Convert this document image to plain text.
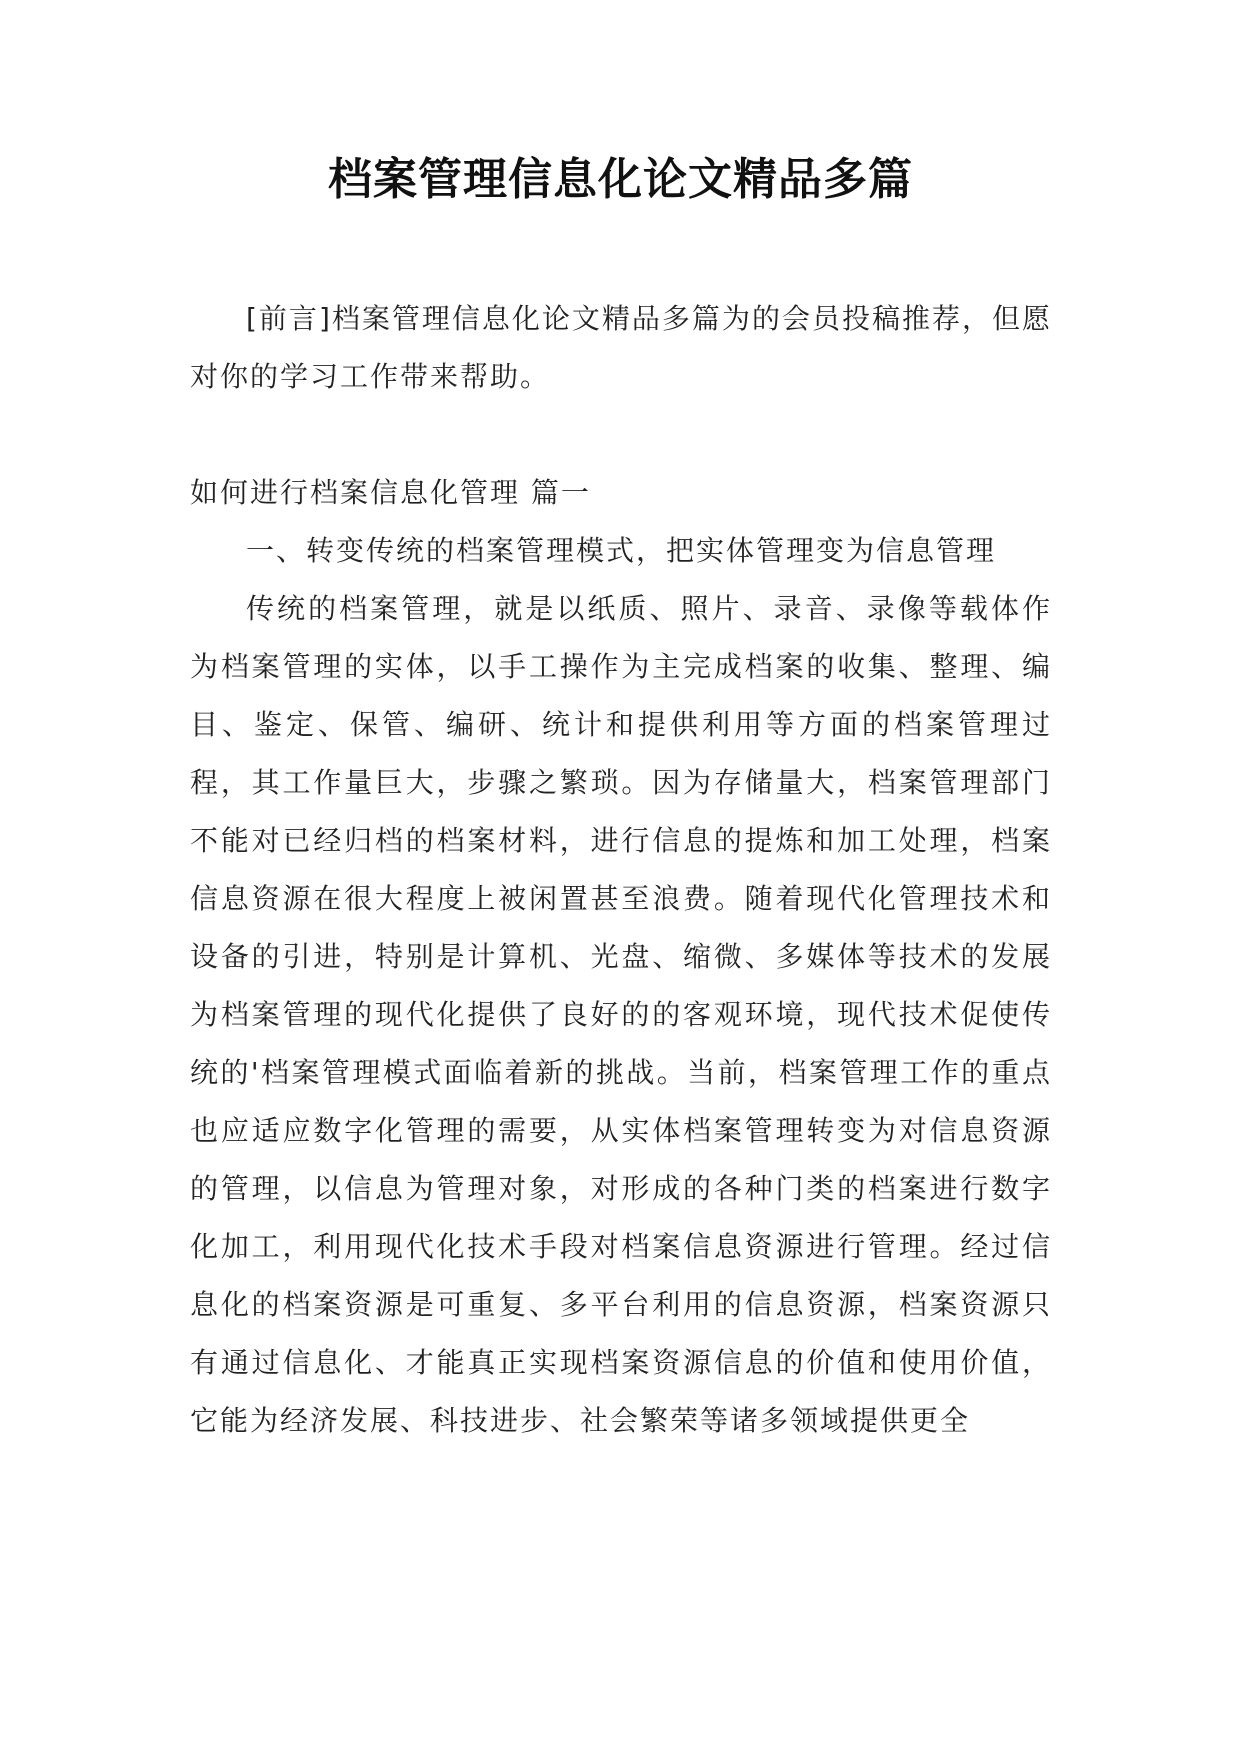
档案管理信息化论文精品多篇

[前言]档案管理信息化论文精品多篇为的会员投稿推荐，但愿对你的学习工作带来帮助。

如何进行档案信息化管理 篇一

一、转变传统的档案管理模式，把实体管理变为信息管理

传统的档案管理，就是以纸质、照片、录音、录像等载体作为档案管理的实体，以手工操作为主完成档案的收集、整理、编目、鉴定、保管、编研、统计和提供利用等方面的档案管理过程，其工作量巨大，步骤之繁琐。因为存储量大，档案管理部门不能对已经归档的档案材料，进行信息的提炼和加工处理，档案信息资源在很大程度上被闲置甚至浪费。随着现代化管理技术和设备的引进，特别是计算机、光盘、缩微、多媒体等技术的发展为档案管理的现代化提供了良好的的客观环境，现代技术促使传统的'档案管理模式面临着新的挑战。当前，档案管理工作的重点也应适应数字化管理的需要，从实体档案管理转变为对信息资源的管理，以信息为管理对象，对形成的各种门类的档案进行数字化加工，利用现代化技术手段对档案信息资源进行管理。经过信息化的档案资源是可重复、多平台利用的信息资源，档案资源只有通过信息化、才能真正实现档案资源信息的价值和使用价值，它能为经济发展、科技进步、社会繁荣等诸多领域提供更全
